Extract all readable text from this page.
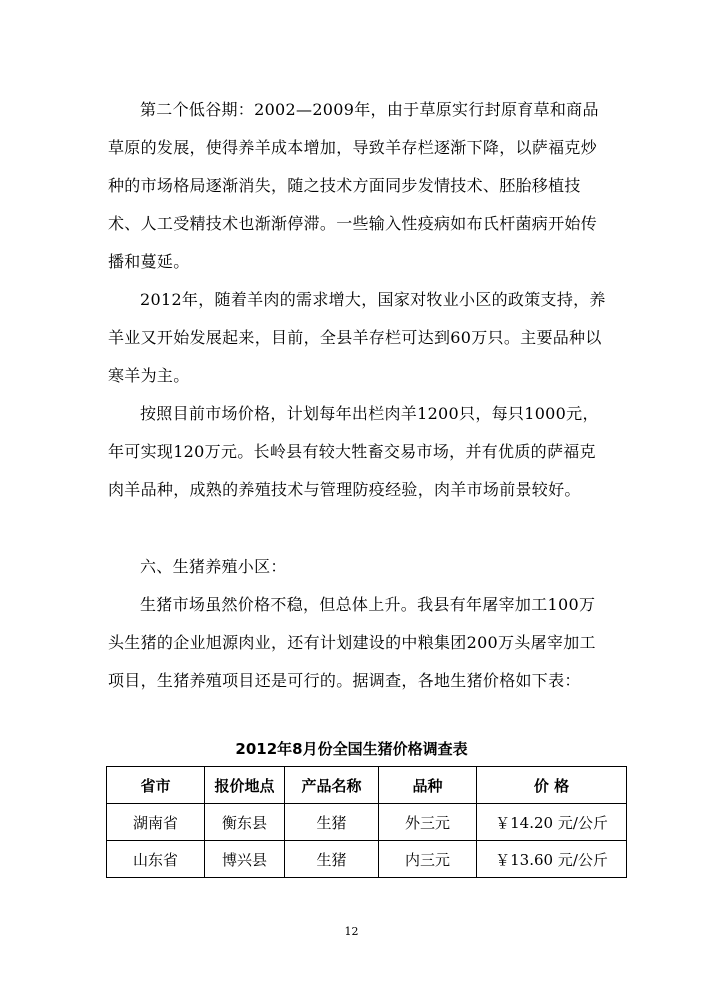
第二个低谷期：2002—2009年，由于草原实行封原育草和商品草原的发展，使得养羊成本增加，导致羊存栏逐渐下降，以萨福克炒种的市场格局逐渐消失，随之技术方面同步发情技术、胚胎移植技术、人工受精技术也渐渐停滞。一些输入性疫病如布氏杆菌病开始传播和蔓延。

2012年，随着羊肉的需求增大，国家对牧业小区的政策支持，养羊业又开始发展起来，目前，全县羊存栏可达到60万只。主要品种以寒羊为主。

按照目前市场价格，计划每年出栏肉羊1200只，每只1000元，年可实现120万元。长岭县有较大牲畜交易市场，并有优质的萨福克肉羊品种，成熟的养殖技术与管理防疫经验，肉羊市场前景较好。

六、生猪养殖小区：

生猪市场虽然价格不稳，但总体上升。我县有年屠宰加工100万头生猪的企业旭源肉业，还有计划建设的中粮集团200万头屠宰加工项目，生猪养殖项目还是可行的。据调查，各地生猪价格如下表：

2012年8月份全国生猪价格调查表
省市	报价地点	产品名称	品种	价 格
湖南省	衡东县	生猪	外三元	￥14.20 元/公斤
山东省	博兴县	生猪	内三元	￥13.60 元/公斤
12
